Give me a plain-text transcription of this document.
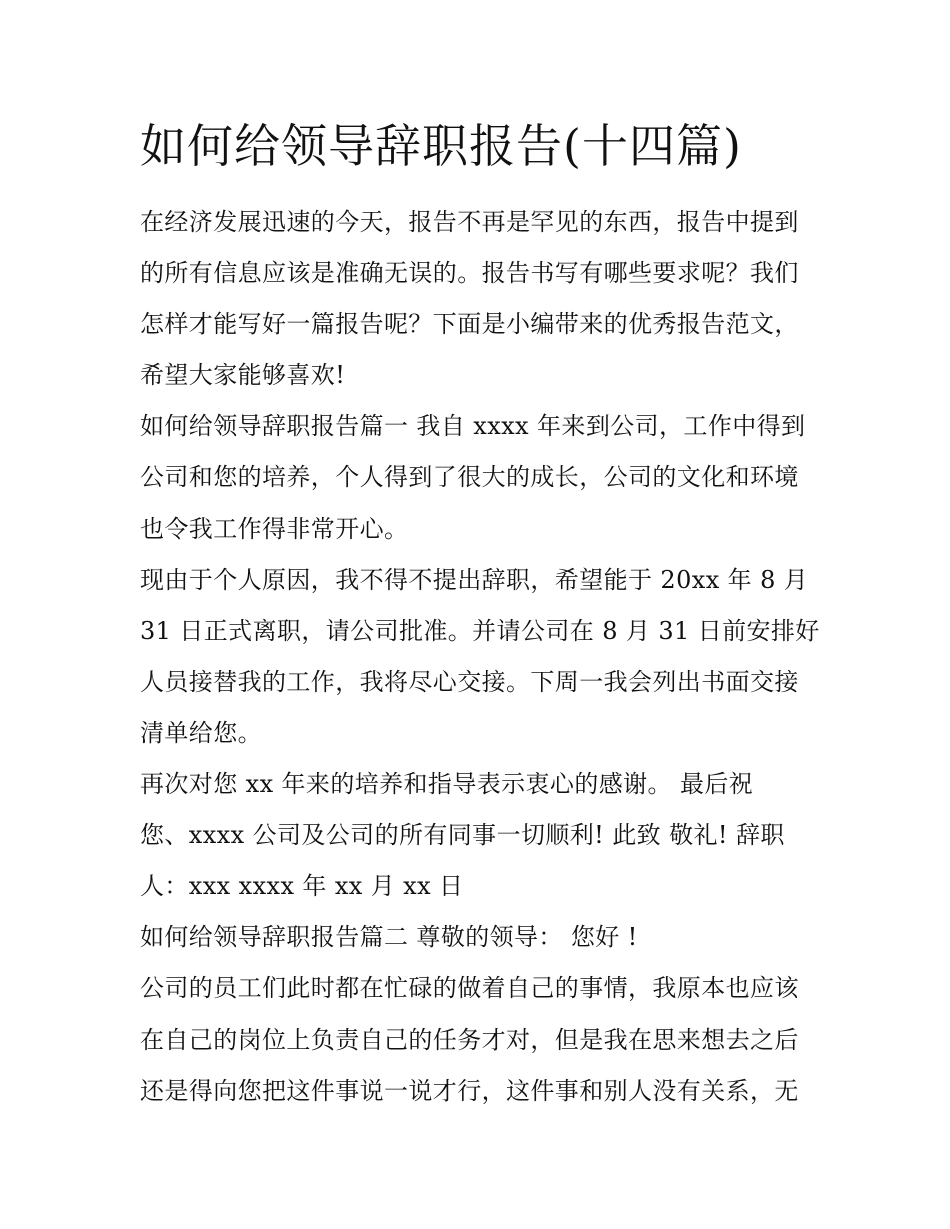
如何给领导辞职报告(十四篇)
在经济发展迅速的今天，报告不再是罕见的东西，报告中提到
的所有信息应该是准确无误的。报告书写有哪些要求呢？我们
怎样才能写好一篇报告呢？下面是小编带来的优秀报告范文，
希望大家能够喜欢!
如何给领导辞职报告篇一 我自 xxxx 年来到公司，工作中得到
公司和您的培养，个人得到了很大的成长，公司的文化和环境
也令我工作得非常开心。
现由于个人原因，我不得不提出辞职，希望能于 20xx 年 8 月
31 日正式离职，请公司批准。并请公司在 8 月 31 日前安排好
人员接替我的工作，我将尽心交接。下周一我会列出书面交接
清单给您。
再次对您 xx 年来的培养和指导表示衷心的感谢。 最后祝
您、xxxx 公司及公司的所有同事一切顺利! 此致 敬礼! 辞职
人：xxx xxxx 年 xx 月 xx 日
如何给领导辞职报告篇二 尊敬的领导： 您好 !
公司的员工们此时都在忙碌的做着自己的事情，我原本也应该
在自己的岗位上负责自己的任务才对，但是我在思来想去之后
还是得向您把这件事说一说才行，这件事和别人没有关系，无
